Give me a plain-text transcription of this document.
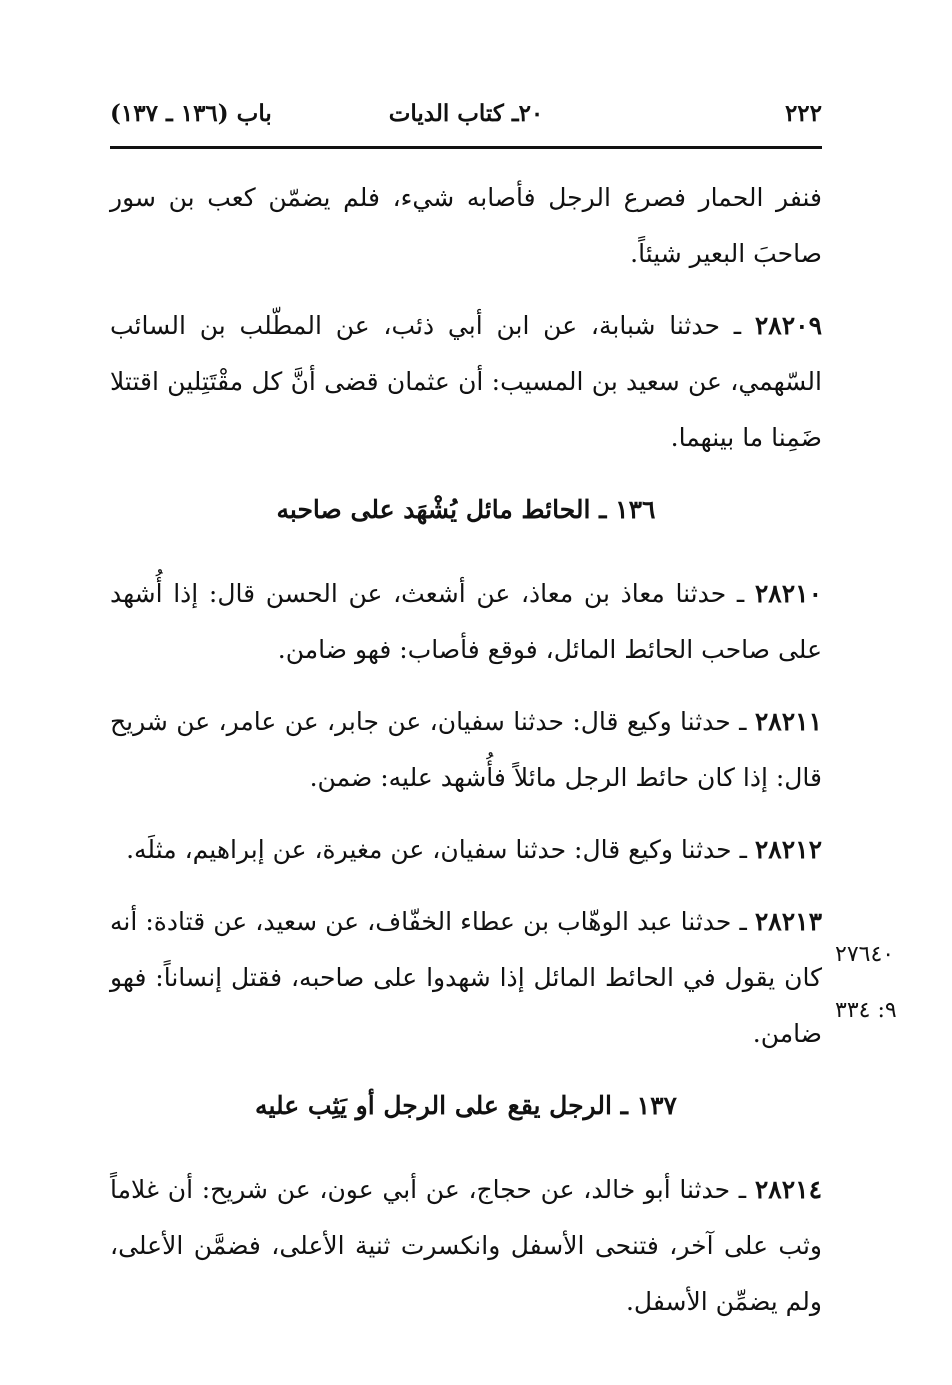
٢٢٢
٢٠ـ كتاب الديات
باب (١٣٦ ـ ١٣٧)

فنفر الحمار فصرع الرجل فأصابه شيء، فلم يضمّن كعب بن سور صاحبَ البعير شيئاً.

٢٨٢٠٩ ـ حدثنا شبابة، عن ابن أبي ذئب، عن المطّلب بن السائب السّهمي، عن سعيد بن المسيب: أن عثمان قضى أنَّ كل مقْتَتِلين اقتتلا ضَمِنا ما بينهما.

١٣٦ ـ الحائط مائل يُشْهَد على صاحبه

٢٨٢١٠ ـ حدثنا معاذ بن معاذ، عن أشعث، عن الحسن قال: إذا أُشهد على صاحب الحائط المائل، فوقع فأصاب: فهو ضامن.

٢٨٢١١ ـ حدثنا وكيع قال: حدثنا سفيان، عن جابر، عن عامر، عن شريح قال: إذا كان حائط الرجل مائلاً فأُشهد عليه: ضمن.

٢٨٢١٢ ـ حدثنا وكيع قال: حدثنا سفيان، عن مغيرة، عن إبراهيم، مثلَه.

٢٨٢١٣ ـ حدثنا عبد الوهّاب بن عطاء الخفّاف، عن سعيد، عن قتادة: أنه كان يقول في الحائط المائل إذا شهدوا على صاحبه، فقتل إنساناً: فهو ضامن.

١٣٧ ـ الرجل يقع على الرجل أو يَثِب عليه

٢٨٢١٤ ـ حدثنا أبو خالد، عن حجاج، عن أبي عون، عن شريح: أن غلاماً وثب على آخر، فتنحى الأسفل وانكسرت ثنية الأعلى، فضمَّن الأعلى، ولم يضمِّن الأسفل.

٢٧٦٤٠
٩: ٣٣٤
